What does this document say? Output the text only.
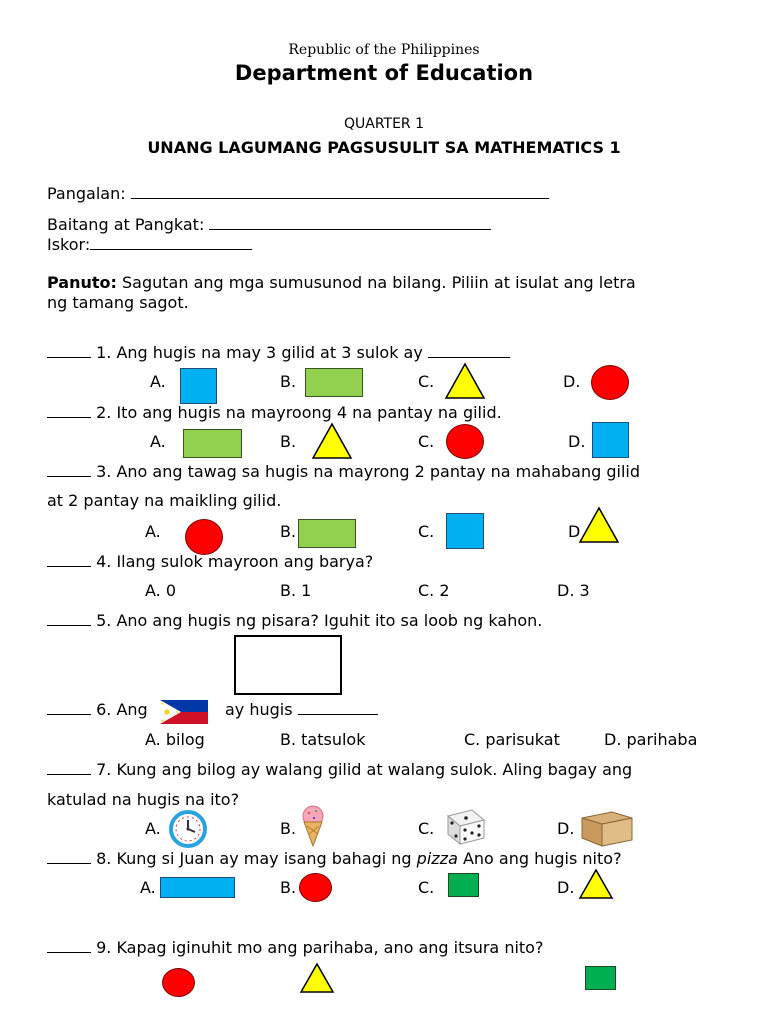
Republic of the Philippines
Department of Education
QUARTER 1
UNANG LAGUMANG PAGSUSULIT SA MATHEMATICS 1
Pangalan:
Baitang at Pangkat:
Iskor:
Panuto: Sagutan ang mga sumusunod na bilang. Piliin at isulat ang letra
ng tamang sagot.
1. Ang hugis na may 3 gilid at 3 sulok ay
A.	B.	C.	D.
2. Ito ang hugis na mayroong 4 na pantay na gilid.
A.	B.	C.	D.
3. Ano ang tawag sa hugis na mayrong 2 pantay na mahabang gilid
at 2 pantay na maikling gilid.
A.	B.	C.	D
4. Ilang sulok mayroon ang barya?
A. 0	B. 1	C. 2	D. 3
5. Ano ang hugis ng pisara? Iguhit ito sa loob ng kahon.
6. Ang	ay hugis
A. bilog	B. tatsulok	C. parisukat	D. parihaba
7. Kung ang bilog ay walang gilid at walang sulok. Aling bagay ang
katulad na hugis na ito?
A.	B.	C.	D.
8. Kung si Juan ay may isang bahagi ng pizza Ano ang hugis nito?
A.	B.	C.	D.
9. Kapag iginuhit mo ang parihaba, ano ang itsura nito?
